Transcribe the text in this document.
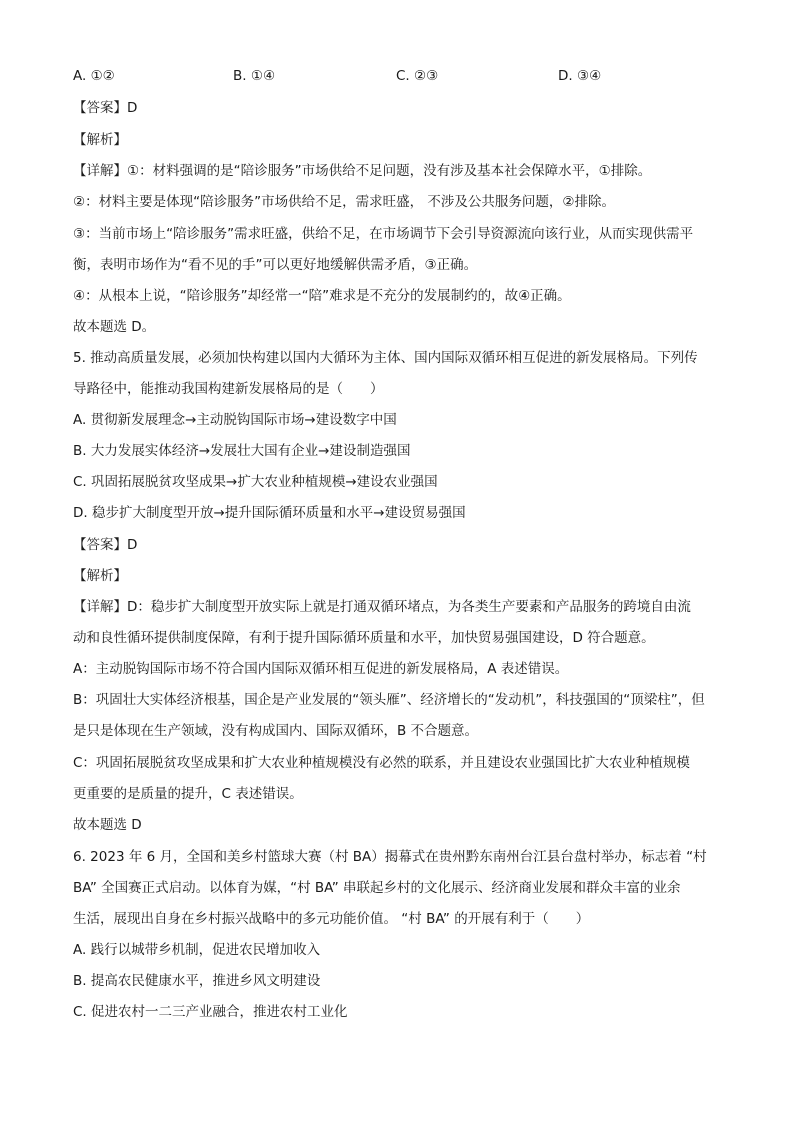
A. ①②	B. ①④	C. ②③	D. ③④
【答案】D
【解析】
【详解】①：材料强调的是“陪诊服务”市场供给不足问题，没有涉及基本社会保障水平，①排除。
②：材料主要是体现“陪诊服务”市场供给不足，需求旺盛， 不涉及公共服务问题，②排除。
③：当前市场上“陪诊服务”需求旺盛，供给不足，在市场调节下会引导资源流向该行业，从而实现供需平
衡，表明市场作为“看不见的手”可以更好地缓解供需矛盾，③正确。
④：从根本上说，“陪诊服务”却经常一“陪”难求是不充分的发展制约的，故④正确。
故本题选 D。
5. 推动高质量发展，必须加快构建以国内大循环为主体、国内国际双循环相互促进的新发展格局。下列传
导路径中，能推动我国构建新发展格局的是（　　）
A. 贯彻新发展理念→主动脱钩国际市场→建设数字中国
B. 大力发展实体经济→发展壮大国有企业→建设制造强国
C. 巩固拓展脱贫攻坚成果→扩大农业种植规模→建设农业强国
D. 稳步扩大制度型开放→提升国际循环质量和水平→建设贸易强国
【答案】D
【解析】
【详解】D：稳步扩大制度型开放实际上就是打通双循环堵点，为各类生产要素和产品服务的跨境自由流
动和良性循环提供制度保障，有利于提升国际循环质量和水平，加快贸易强国建设，D 符合题意。
A：主动脱钩国际市场不符合国内国际双循环相互促进的新发展格局，A 表述错误。
B：巩固壮大实体经济根基，国企是产业发展的“领头雁”、经济增长的“发动机”，科技强国的“顶梁柱”，但
是只是体现在生产领域，没有构成国内、国际双循环，B 不合题意。
C：巩固拓展脱贫攻坚成果和扩大农业种植规模没有必然的联系，并且建设农业强国比扩大农业种植规模
更重要的是质量的提升，C 表述错误。
故本题选 D
6. 2023 年 6 月，全国和美乡村篮球大赛（村 BA）揭幕式在贵州黔东南州台江县台盘村举办，标志着 “村
BA” 全国赛正式启动。以体育为媒，“村 BA” 串联起乡村的文化展示、经济商业发展和群众丰富的业余
生活，展现出自身在乡村振兴战略中的多元功能价值。 “村 BA” 的开展有利于（　　）
A. 践行以城带乡机制，促进农民增加收入
B. 提高农民健康水平，推进乡风文明建设
C. 促进农村一二三产业融合，推进农村工业化
